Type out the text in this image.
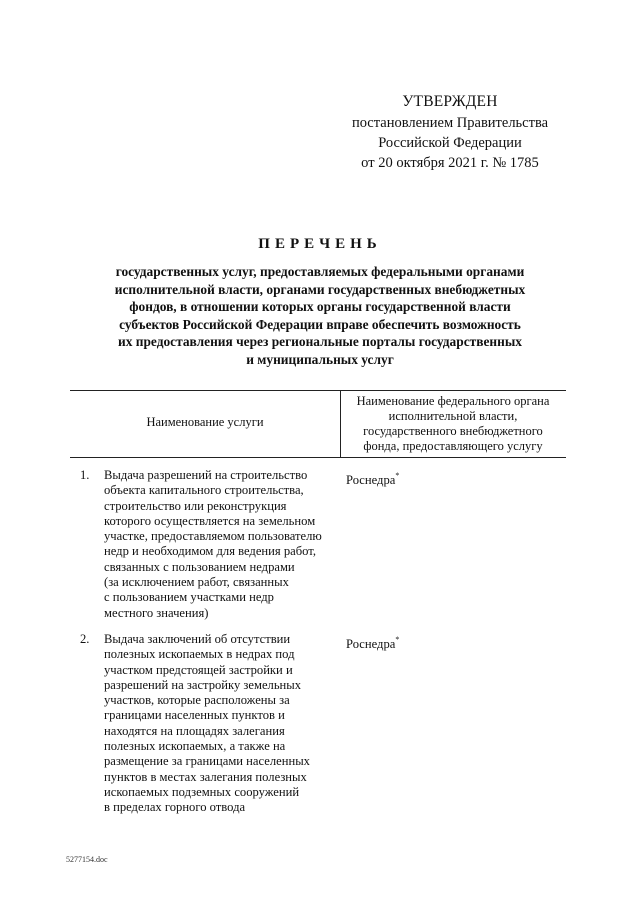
УТВЕРЖДЕН
постановлением Правительства
Российской Федерации
от 20 октября 2021 г. № 1785
ПЕРЕЧЕНЬ
государственных услуг, предоставляемых федеральными органами
исполнительной власти, органами государственных внебюджетных
фондов, в отношении которых органы государственной власти
субъектов Российской Федерации вправе обеспечить возможность
их предоставления через региональные порталы государственных
и муниципальных услуг
Наименование услуги
Наименование федерального органа
исполнительной власти,
государственного внебюджетного
фонда, предоставляющего услугу
1. Выдача разрешений на строительство
объекта капитального строительства,
строительство или реконструкция
которого осуществляется на земельном
участке, предоставляемом пользователю
недр и необходимом для ведения работ,
связанных с пользованием недрами
(за исключением работ, связанных
с пользованием участками недр
местного значения)
Роснедра*
2. Выдача заключений об отсутствии
полезных ископаемых в недрах под
участком предстоящей застройки и
разрешений на застройку земельных
участков, которые расположены за
границами населенных пунктов и
находятся на площадях залегания
полезных ископаемых, а также на
размещение за границами населенных
пунктов в местах залегания полезных
ископаемых подземных сооружений
в пределах горного отвода
Роснедра*
5277154.doc
